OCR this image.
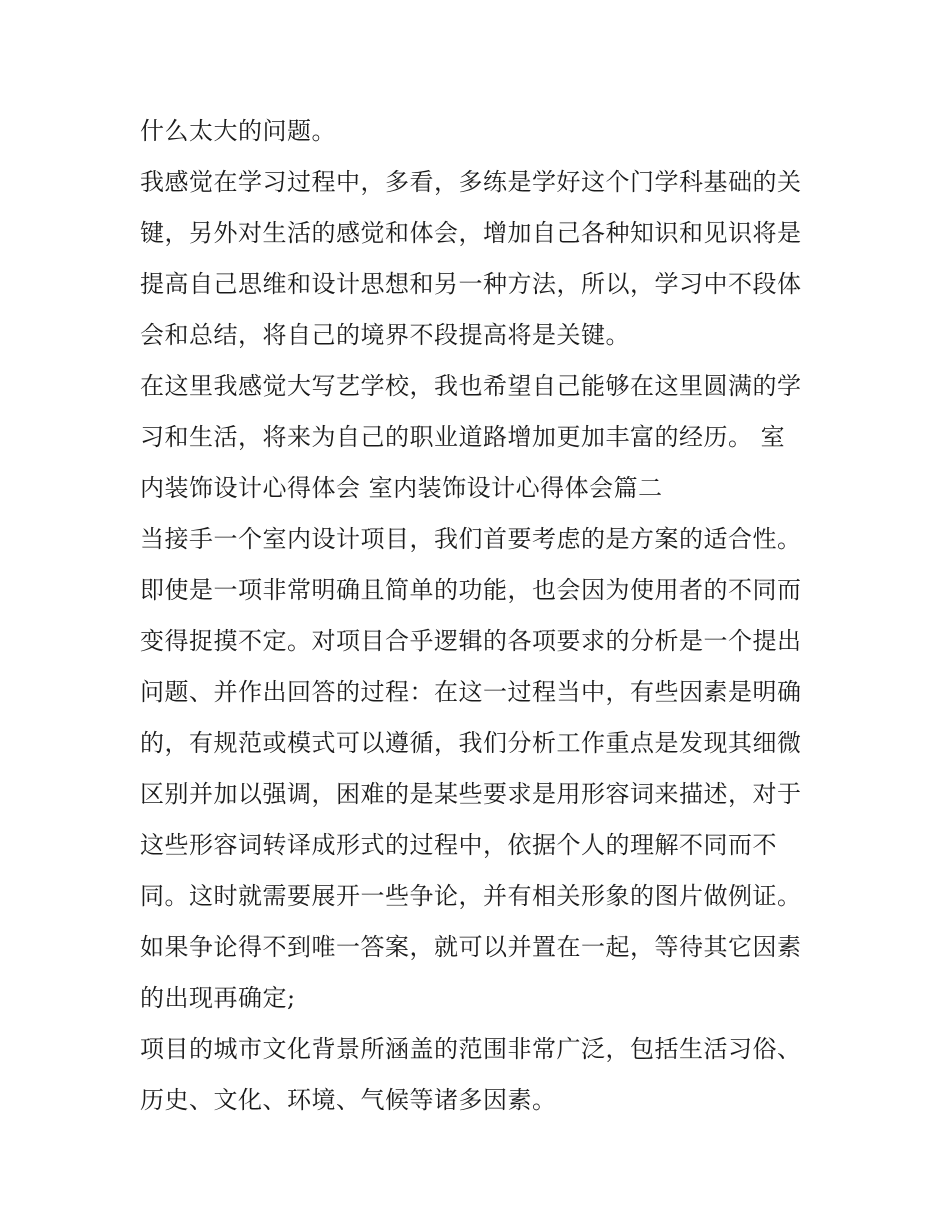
什么太大的问题。
我感觉在学习过程中，多看，多练是学好这个门学科基础的关
键，另外对生活的感觉和体会，增加自己各种知识和见识将是
提高自己思维和设计思想和另一种方法，所以，学习中不段体
会和总结，将自己的境界不段提高将是关键。
在这里我感觉大写艺学校，我也希望自己能够在这里圆满的学
习和生活，将来为自己的职业道路增加更加丰富的经历。 室
内装饰设计心得体会 室内装饰设计心得体会篇二
当接手一个室内设计项目，我们首要考虑的是方案的适合性。
即使是一项非常明确且简单的功能，也会因为使用者的不同而
变得捉摸不定。对项目合乎逻辑的各项要求的分析是一个提出
问题、并作出回答的过程：在这一过程当中，有些因素是明确
的，有规范或模式可以遵循，我们分析工作重点是发现其细微
区别并加以强调，困难的是某些要求是用形容词来描述，对于
这些形容词转译成形式的过程中，依据个人的理解不同而不
同。这时就需要展开一些争论，并有相关形象的图片做例证。
如果争论得不到唯一答案，就可以并置在一起，等待其它因素
的出现再确定;
项目的城市文化背景所涵盖的范围非常广泛，包括生活习俗、
历史、文化、环境、气候等诸多因素。
